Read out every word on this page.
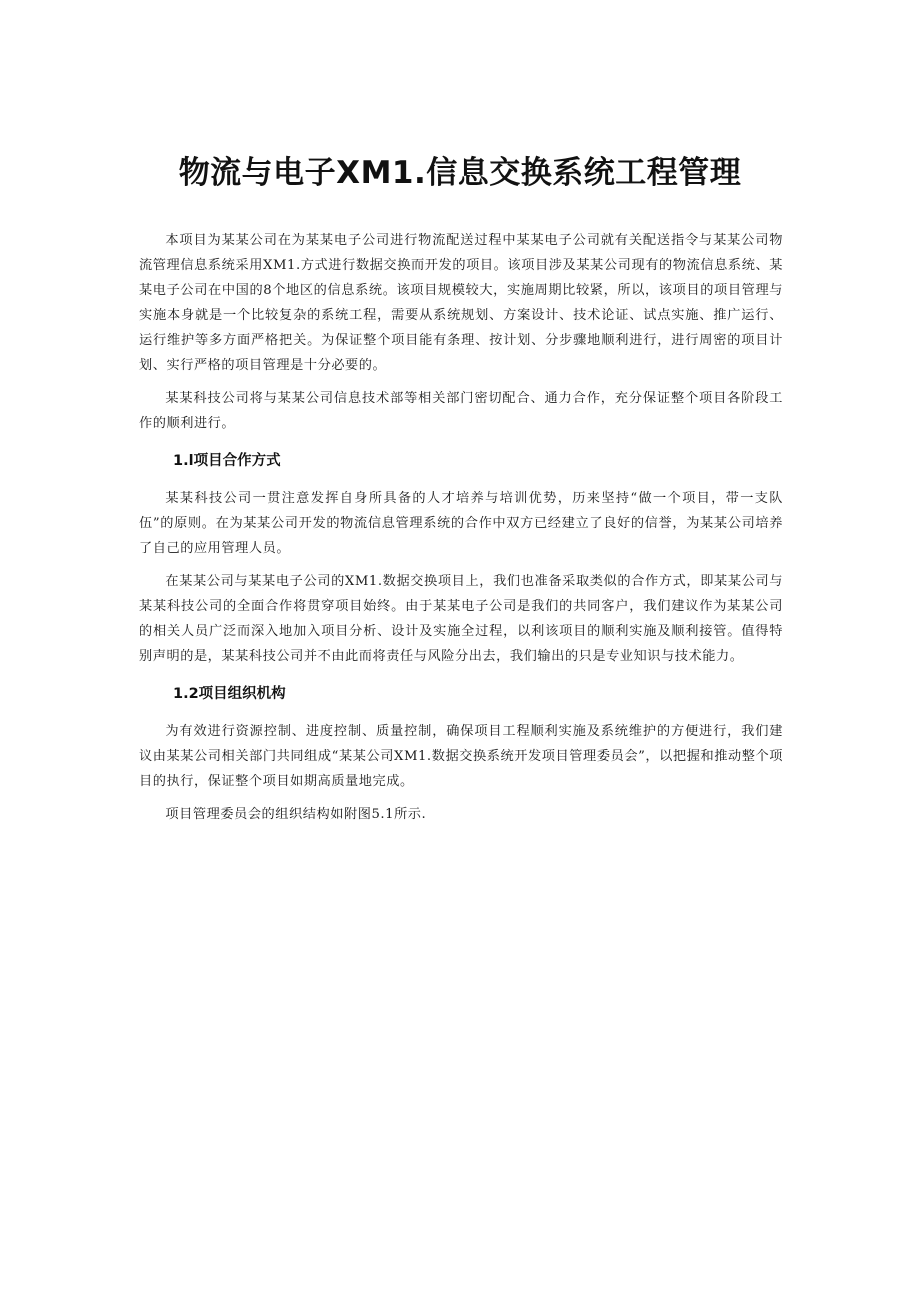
物流与电子XM1.信息交换系统工程管理

本项目为某某公司在为某某电子公司进行物流配送过程中某某电子公司就有关配送指令与某某公司物流管理信息系统采用XM1.方式进行数据交换而开发的项目。该项目涉及某某公司现有的物流信息系统、某某电子公司在中国的8个地区的信息系统。该项目规模较大，实施周期比较紧，所以，该项目的项目管理与实施本身就是一个比较复杂的系统工程，需要从系统规划、方案设计、技术论证、试点实施、推广运行、运行维护等多方面严格把关。为保证整个项目能有条理、按计划、分步骤地顺利进行，进行周密的项目计划、实行严格的项目管理是十分必要的。

某某科技公司将与某某公司信息技术部等相关部门密切配合、通力合作，充分保证整个项目各阶段工作的顺利进行。

1.l项目合作方式

某某科技公司一贯注意发挥自身所具备的人才培养与培训优势，历来坚持“做一个项目，带一支队伍”的原则。在为某某公司开发的物流信息管理系统的合作中双方已经建立了良好的信誉，为某某公司培养了自己的应用管理人员。

在某某公司与某某电子公司的XM1.数据交换项目上，我们也准备采取类似的合作方式，即某某公司与某某科技公司的全面合作将贯穿项目始终。由于某某电子公司是我们的共同客户，我们建议作为某某公司的相关人员广泛而深入地加入项目分析、设计及实施全过程，以利该项目的顺利实施及顺利接管。值得特别声明的是，某某科技公司并不由此而将责任与风险分出去，我们输出的只是专业知识与技术能力。

1.2项目组织机构

为有效进行资源控制、进度控制、质量控制，确保项目工程顺利实施及系统维护的方便进行，我们建议由某某公司相关部门共同组成“某某公司XM1.数据交换系统开发项目管理委员会”，以把握和推动整个项目的执行，保证整个项目如期高质量地完成。

项目管理委员会的组织结构如附图5.1所示.
